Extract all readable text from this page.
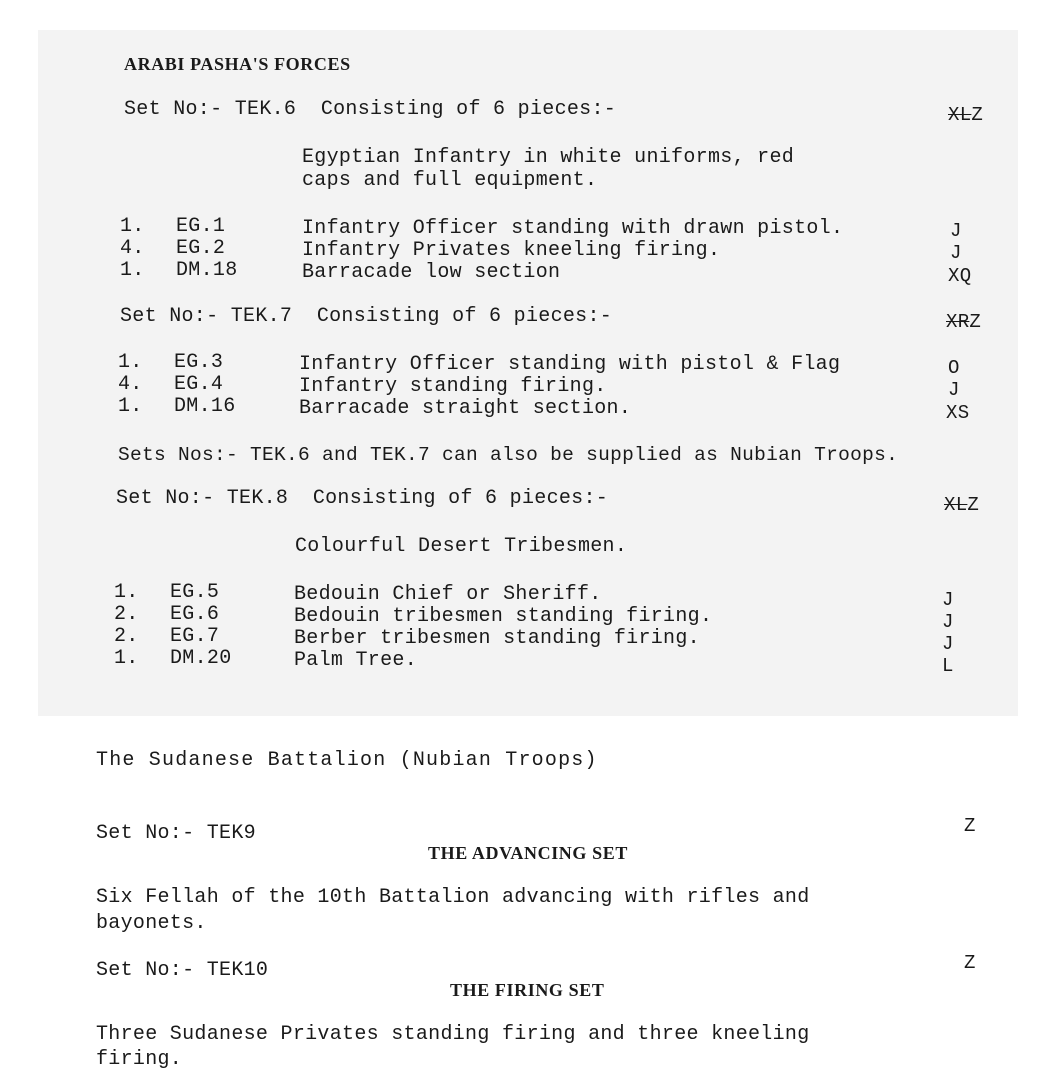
ARABI PASHA'S FORCES
Set No:- TEK.6  Consisting of 6 pieces:-	XLZ
Egyptian Infantry in white uniforms, red
caps and full equipment.
1. EG.1	Infantry Officer standing with drawn pistol.	J
4. EG.2	Infantry Privates kneeling firing.	J
1. DM.18	Barracade low section	XQ
Set No:- TEK.7  Consisting of 6 pieces:-	XRZ
1. EG.3	Infantry Officer standing with pistol & Flag	O
4. EG.4	Infantry standing firing.	J
1. DM.16	Barracade straight section.	XS
Sets Nos:- TEK.6 and TEK.7 can also be supplied as Nubian Troops.
Set No:- TEK.8  Consisting of 6 pieces:-	XLZ
Colourful Desert Tribesmen.
1. EG.5	Bedouin Chief or Sheriff.	J
2. EG.6	Bedouin tribesmen standing firing.	J
2. EG.7	Berber tribesmen standing firing.	J
1. DM.20	Palm Tree.	L
The Sudanese Battalion (Nubian Troops)
Set No:- TEK9	Z
THE ADVANCING SET
Six Fellah of the 10th Battalion advancing with rifles and
bayonets.
Set No:- TEK10	Z
THE FIRING SET
Three Sudanese Privates standing firing and three kneeling
firing.
